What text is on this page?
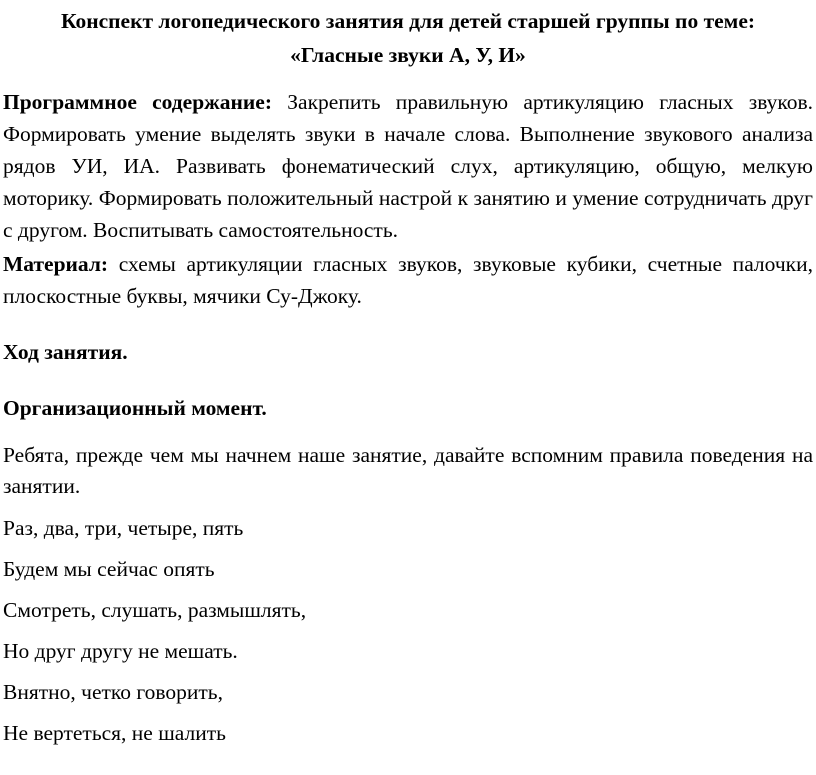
Конспект логопедического занятия для детей старшей группы по теме:

«Гласные звуки А, У, И»

Программное содержание: Закрепить правильную артикуляцию гласных звуков. Формировать умение выделять звуки в начале слова. Выполнение звукового анализа рядов УИ, ИА. Развивать фонематический слух, артикуляцию, общую, мелкую моторику. Формировать положительный настрой к занятию и умение сотрудничать друг с другом. Воспитывать самостоятельность.

Материал: схемы артикуляции гласных звуков, звуковые кубики, счетные палочки, плоскостные буквы, мячики Су-Джоку.

Ход занятия.

Организационный момент.

Ребята, прежде чем мы начнем наше занятие, давайте вспомним правила поведения на занятии.

Раз, два, три, четыре, пять

Будем мы сейчас опять

Смотреть, слушать, размышлять,

Но друг другу не мешать.

Внятно, четко говорить,

Не вертеться, не шалить
